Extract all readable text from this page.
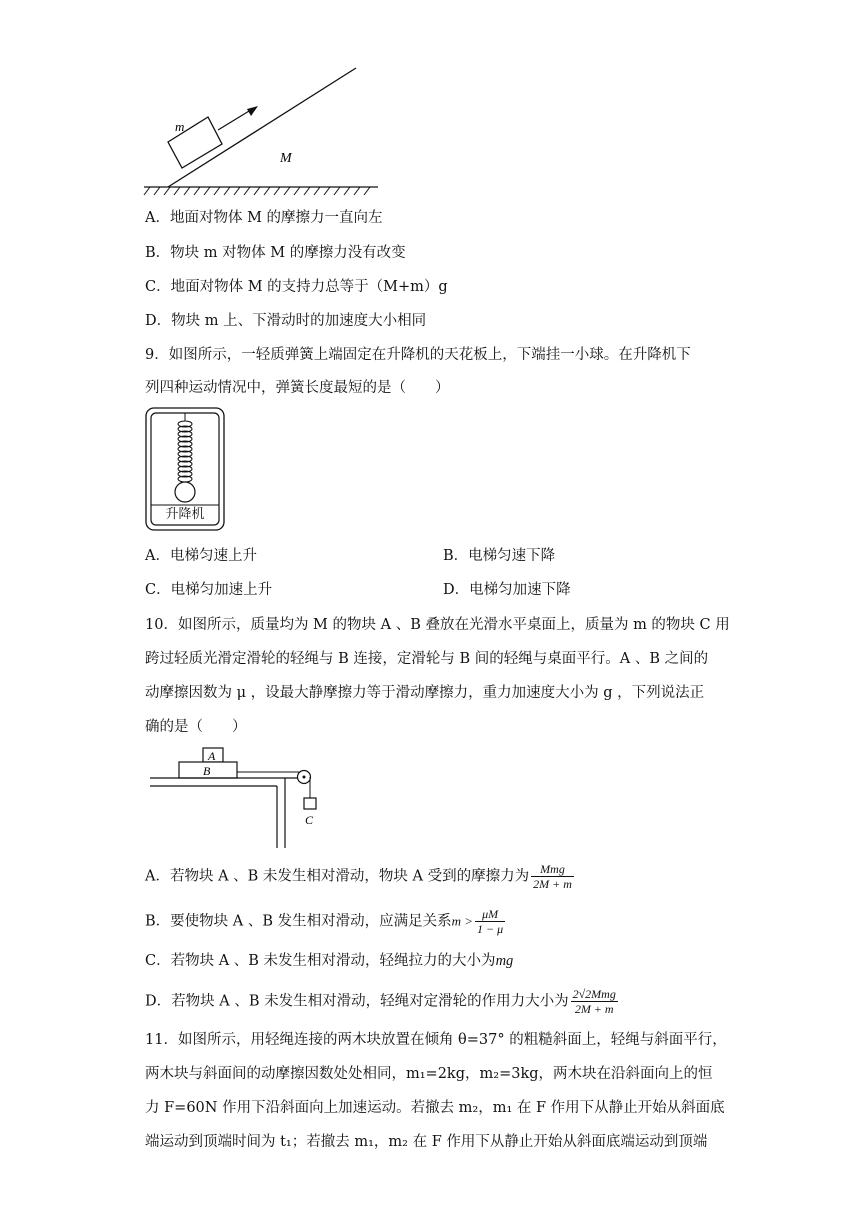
m
M
A．地面对物体 M 的摩擦力一直向左
B．物块 m 对物体 M 的摩擦力没有改变
C．地面对物体 M 的支持力总等于（M+m）g
D．物块 m 上、下滑动时的加速度大小相同
9．如图所示，一轻质弹簧上端固定在升降机的天花板上，下端挂一小球。在升降机下
列四种运动情况中，弹簧长度最短的是（　　）
升降机
A．电梯匀速上升	B．电梯匀速下降
C．电梯匀加速上升	D．电梯匀加速下降
10．如图所示，质量均为 M 的物块 A 、B 叠放在光滑水平桌面上，质量为 m 的物块 C 用
跨过轻质光滑定滑轮的轻绳与 B 连接，定滑轮与 B 间的轻绳与桌面平行。A 、B 之间的
动摩擦因数为 μ ，设最大静摩擦力等于滑动摩擦力，重力加速度大小为 g ，下列说法正
确的是（　　）
A
B
C
A．若物块 A 、B 未发生相对滑动，物块 A 受到的摩擦力为 $\frac{\text{Mmg}}{2M + m}$
B．要使物块 A 、B 发生相对滑动，应满足关系$m > \frac{\mu M}{1 - \mu}$
C．若物块 A 、B 未发生相对滑动，轻绳拉力的大小为mg
D．若物块 A 、B 未发生相对滑动，轻绳对定滑轮的作用力大小为 $\frac{\text{2√2Mmg}}{2M + m}$
11．如图所示，用轻绳连接的两木块放置在倾角 θ=37° 的粗糙斜面上，轻绳与斜面平行，
两木块与斜面间的动摩擦因数处处相同，m₁=2kg，m₂=3kg，两木块在沿斜面向上的恒
力 F=60N 作用下沿斜面向上加速运动。若撤去 m₂，m₁ 在 F 作用下从静止开始从斜面底
端运动到顶端时间为 t₁；若撤去 m₁，m₂ 在 F 作用下从静止开始从斜面底端运动到顶端
